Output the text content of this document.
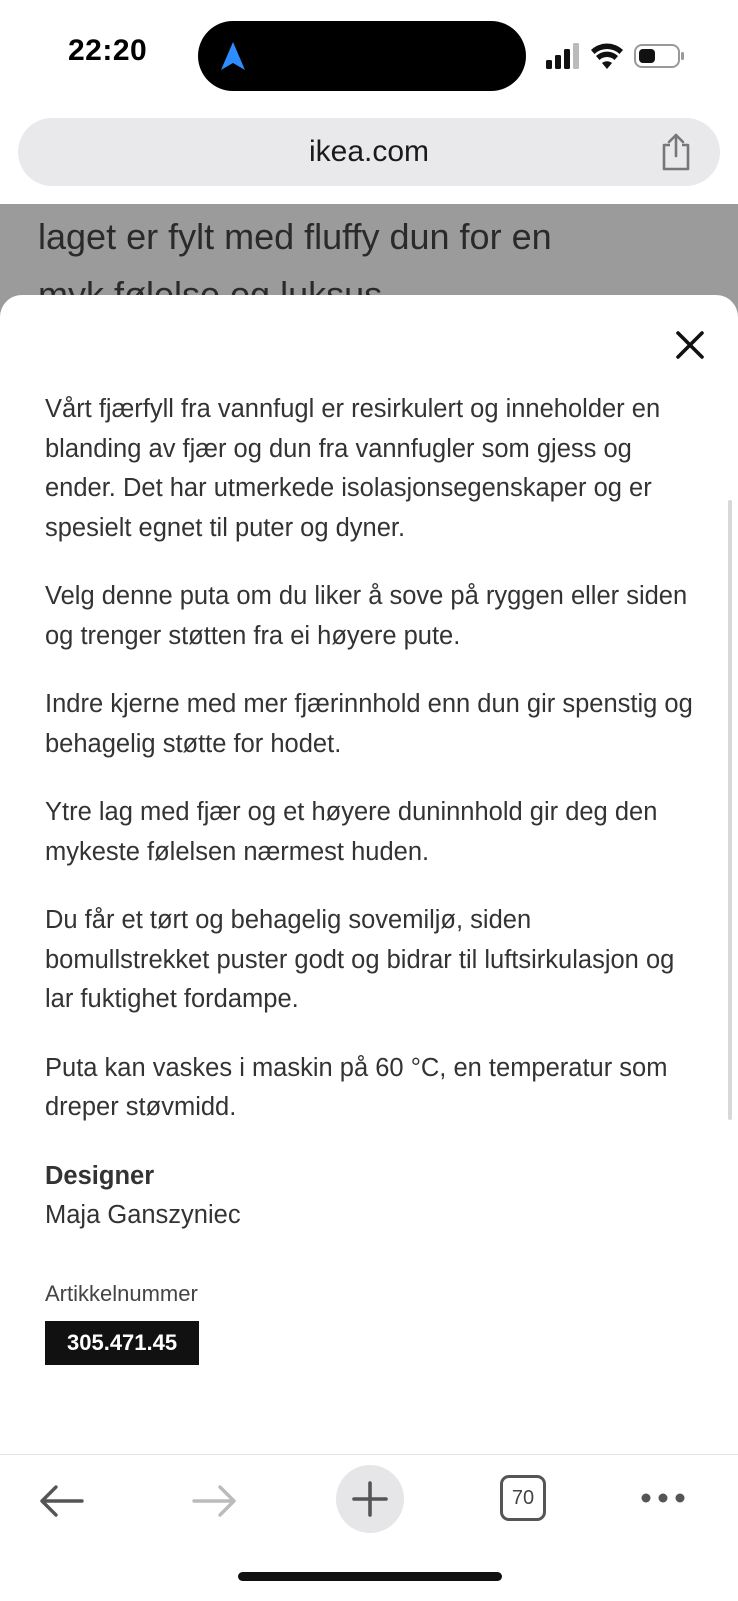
22:20
ikea.com
laget er fylt med fluffy dun for en

Vårt fjærfyll fra vannfugl er resirkulert og inneholder en blanding av fjær og dun fra vannfugler som gjess og ender. Det har utmerkede isolasjonsegenskaper og er spesielt egnet til puter og dyner.

Velg denne puta om du liker å sove på ryggen eller siden og trenger støtten fra ei høyere pute.

Indre kjerne med mer fjærinnhold enn dun gir spenstig og behagelig støtte for hodet.

Ytre lag med fjær og et høyere duninnhold gir deg den mykeste følelsen nærmest huden.

Du får et tørt og behagelig sovemiljø, siden bomullstrekket puster godt og bidrar til luftsirkulasjon og lar fuktighet fordampe.

Puta kan vaskes i maskin på 60 °C, en temperatur som dreper støvmidd.

Designer
Maja Ganszyniec
Artikkelnummer
305.471.45
70
